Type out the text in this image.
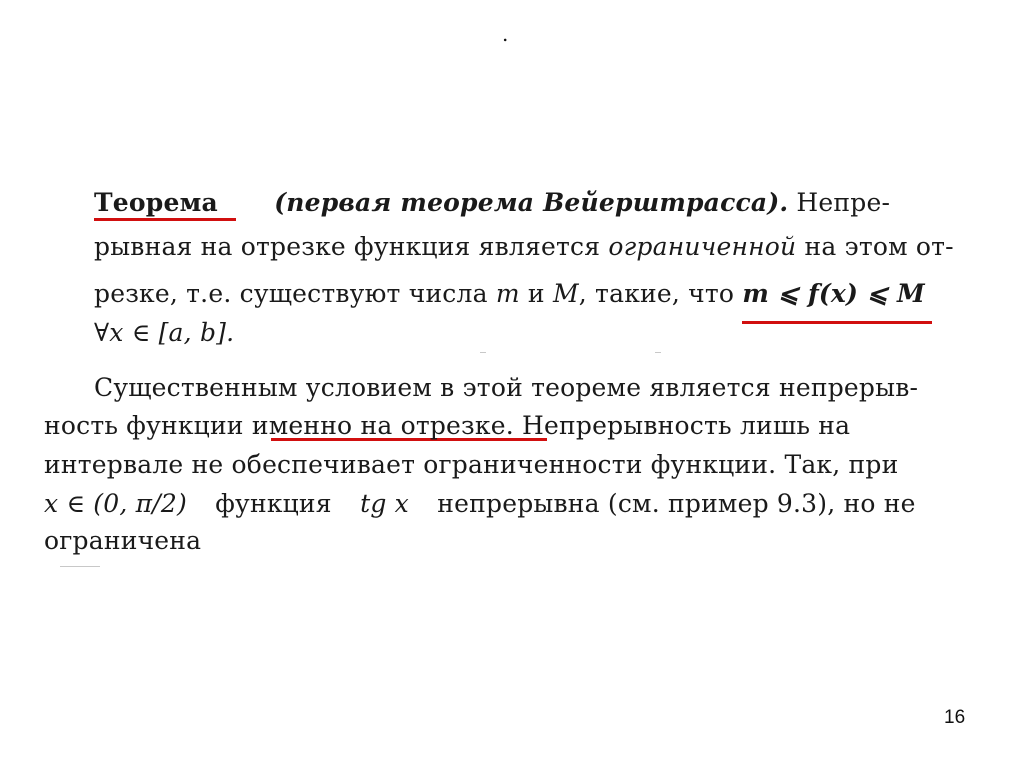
.
Теорема (первая теорема Вейерштрасса). Непре-
рывная на отрезке функция является ограниченной на этом от-
резке, т.е. существуют числа m и M, такие, что m ⩽ f(x) ⩽ M
∀x ∈ [a, b].
Существенным условием в этой теореме является непрерыв-
ность функции именно на отрезке. Непрерывность лишь на
интервале не обеспечивает ограниченности функции. Так, при
x ∈ (0, π/2) функция tg x непрерывна (см. пример 9.3), но не
ограничена
16
